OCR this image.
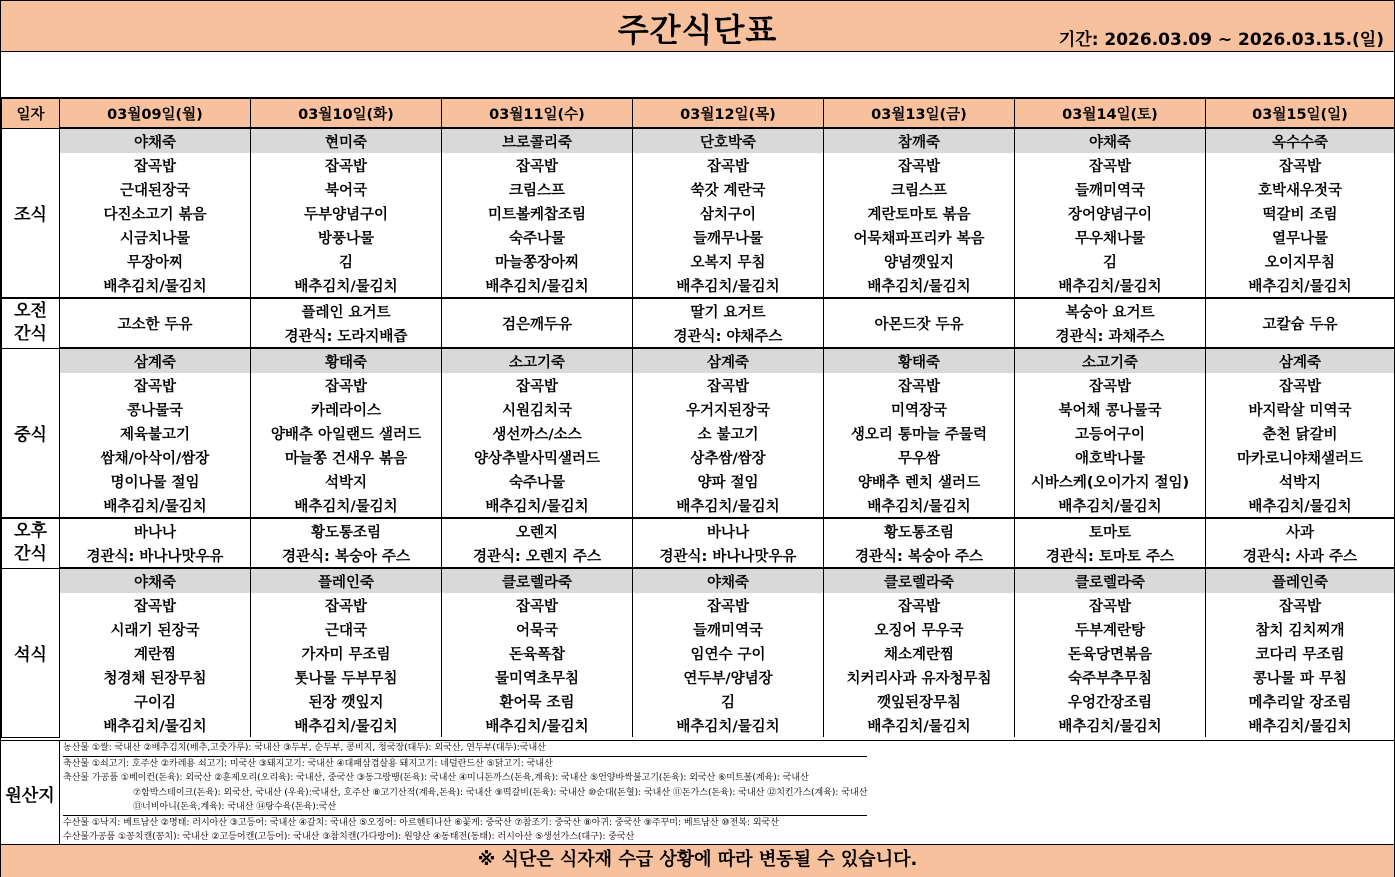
주간식단표	기간: 2026.03.09 ~ 2026.03.15.(일)
일자	03월09일(월)	03월10일(화)	03월11일(수)	03월12일(목)	03월13일(금)	03월14일(토)	03월15일(일)
조식	야채죽	현미죽	브로콜리죽	단호박죽	참깨죽	야채죽	옥수수죽
	잡곡밥	잡곡밥	잡곡밥	잡곡밥	잡곡밥	잡곡밥	잡곡밥
	근대된장국	북어국	크림스프	쑥갓 계란국	크림스프	들깨미역국	호박새우젓국
	다진소고기 볶음	두부양념구이	미트볼케찹조림	삼치구이	계란토마토 볶음	장어양념구이	떡갈비 조림
	시금치나물	방풍나물	숙주나물	들깨무나물	어묵채파프리카 복음	무우채나물	열무나물
	무장아찌	김	마늘쫑장아찌	오복지 무침	양념깻잎지	김	오이지무침
	배추김치/물김치	배추김치/물김치	배추김치/물김치	배추김치/물김치	배추김치/물김치	배추김치/물김치	배추김치/물김치
오전
간식	고소한 두유	플레인 요거트	검은깨두유	딸기 요거트	아몬드잣 두유	복숭아 요거트	고칼슘 두유
		경관식: 도라지배즙		경관식: 야채주스		경관식: 과채주스	
중식	삼계죽	황태죽	소고기죽	삼계죽	황태죽	소고기죽	삼계죽
	잡곡밥	잡곡밥	잡곡밥	잡곡밥	잡곡밥	잡곡밥	잡곡밥
	콩나물국	카레라이스	시원김치국	우거지된장국	미역장국	북어채 콩나물국	바지락살 미역국
	제육불고기	양배추 아일랜드 샐러드	생선까스/소스	소 불고기	생오리 통마늘 주물럭	고등어구이	춘천 닭갈비
	쌈채/아삭이/쌈장	마늘쫑 건새우 볶음	양상추발사믹샐러드	상추쌈/쌈장	무우쌈	애호박나물	마카로니야채샐러드
	명이나물 절임	석박지	숙주나물	양파 절임	양배추 렌치 샐러드	시바스케(오이가지 절임)	석박지
	배추김치/물김치	배추김치/물김치	배추김치/물김치	배추김치/물김치	배추김치/물김치	배추김치/물김치	배추김치/물김치
오후
간식	바나나	황도통조림	오렌지	바나나	황도통조림	토마토	사과
	경관식: 바나나맛우유	경관식: 복숭아 주스	경관식: 오렌지 주스	경관식: 바나나맛우유	경관식: 복숭아 주스	경관식: 토마토 주스	경관식: 사과 주스
석식	야채죽	플레인죽	클로렐라죽	야채죽	클로렐라죽	클로렐라죽	플레인죽
	잡곡밥	잡곡밥	잡곡밥	잡곡밥	잡곡밥	잡곡밥	잡곡밥
	시래기 된장국	근대국	어묵국	들깨미역국	오징어 무우국	두부계란탕	참치 김치찌개
	계란찜	가자미 무조림	돈육폭찹	임연수 구이	채소계란찜	돈육당면볶음	코다리 무조림
	청경채 된장무침	톳나물 두부무침	물미역초무침	연두부/양념장	치커리사과 유자청무침	숙주부추무침	콩나물 파 무침
	구이김	된장 깻잎지	환어묵 조림	김	깻잎된장무침	우엉간장조림	메추리알 장조림
	배추김치/물김치	배추김치/물김치	배추김치/물김치	배추김치/물김치	배추김치/물김치	배추김치/물김치	배추김치/물김치
원산지
농산물 ①쌀: 국내산 ②배추김치(배추,고춧가루): 국내산 ③두부, 순두부, 콩비지, 청국장(대두): 외국산, 연두부(대두):국내산
축산물 ①쇠고기: 호주산 ②카레용 쇠고기: 미국산 ③돼지고기: 국내산 ④대패삼겹살용 돼지고기: 네덜란드산 ⑤닭고기: 국내산
축산물 가공품 ①베이컨(돈육): 외국산 ②훈제오리(오리육): 국내산, 중국산 ③동그랑땡(돈육): 국내산 ④미니돈까스(돈육,계육): 국내산 ⑤언양바싹불고기(돈육): 외국산 ⑥미트볼(계육): 국내산
⑦함박스테이크(돈육): 외국산, 국내산 (우육):국내산, 호주산 ⑧고기산적(계육,돈육): 국내산 ⑨떡갈비(돈육): 국내산 ⑩순대(돈혈): 국내산 ⑪돈가스(돈육): 국내산 ⑫치킨가스(계육): 국내산
⑬너비아니(돈육,계육): 국내산 ⑭탕수육(돈육):국산
수산물 ①낙지: 베트남산 ②명태: 러시아산 ③고등어: 국내산 ④갈치: 국내산 ⑤오징어: 아르헨티나산 ⑥꽃게: 중국산 ⑦참조기: 중국산 ⑧아귀: 중국산 ⑨주꾸미: 베트남산 ⑩전복: 외국산
수산물가공품 ①꽁치캔(꽁치): 국내산 ②고등어캔(고등어): 국내산 ③참치캔(가다랑어): 원양산 ④동태전(동태): 러시아산 ⑤생선가스(대구): 중국산
※ 식단은 식자재 수급 상황에 따라 변동될 수 있습니다.
